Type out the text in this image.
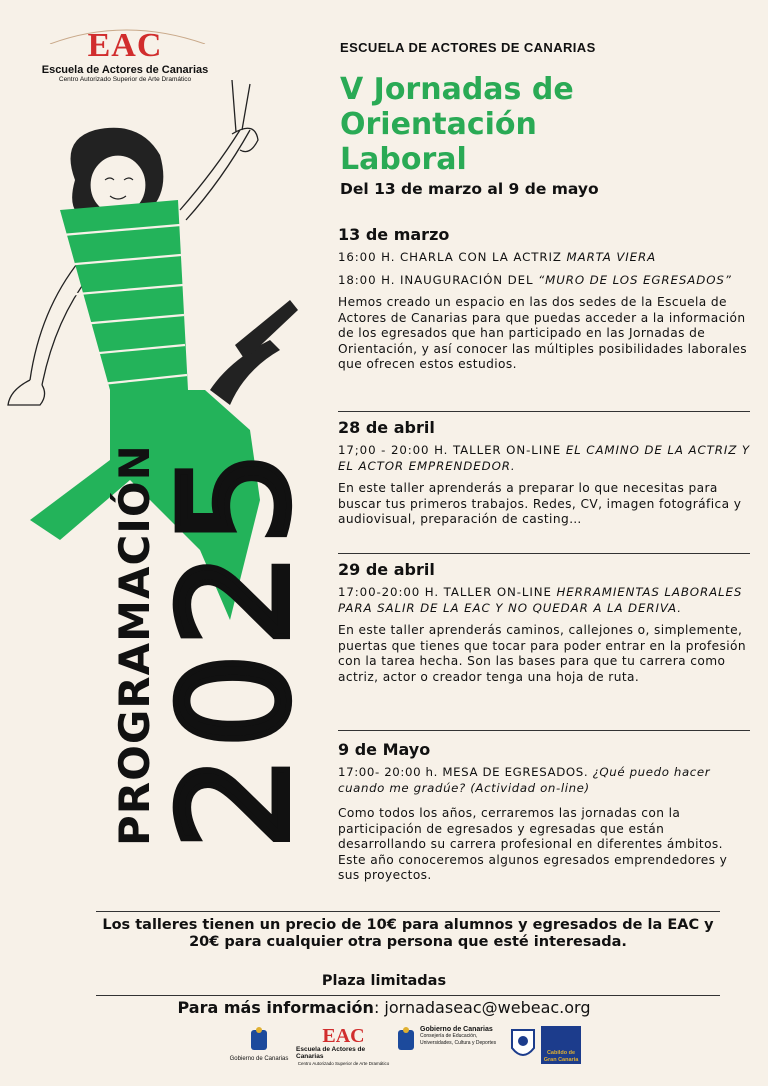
EAC
Escuela de Actores de Canarias
Centro Autorizado Superior de Arte Dramático
PROGRAMACIÓN
2025
ESCUELA DE ACTORES DE CANARIAS
V Jornadas de
Orientación
Laboral
Del 13 de marzo al 9 de mayo
13 de marzo

16:00 H. CHARLA CON LA ACTRIZ MARTA VIERA

18:00 H. INAUGURACIÓN DEL “MURO DE LOS EGRESADOS”

Hemos creado un espacio en las dos sedes de la Escuela de Actores de Canarias para que puedas acceder a la información de los egresados que han participado en las Jornadas de Orientación, y así conocer las múltiples posibilidades laborales que ofrecen estos estudios.

28 de abril

17;00 - 20:00 H. TALLER ON-LINE EL CAMINO DE LA ACTRIZ Y EL ACTOR EMPRENDEDOR.

En este taller aprenderás a preparar lo que necesitas para buscar tus primeros trabajos. Redes, CV, imagen fotográfica y audiovisual, preparación de casting…

29 de abril

17:00-20:00 H. TALLER ON-LINE HERRAMIENTAS LABORALES PARA SALIR DE LA EAC Y NO QUEDAR A LA DERIVA.

En este taller aprenderás caminos, callejones o, simplemente, puertas que tienes que tocar para poder entrar en la profesión con la tarea hecha. Son las bases para que tu carrera como actriz, actor o creador tenga una hoja de ruta.

9 de Mayo

17:00- 20:00 h. MESA DE EGRESADOS. ¿Qué puedo hacer cuando me gradúe? (Actividad on-line)

Como todos los años, cerraremos las jornadas con la participación de egresados y egresadas que están desarrollando su carrera profesional en diferentes ámbitos. Este año conoceremos algunos egresados emprendedores y sus proyectos.

Los talleres tienen un precio de 10€ para alumnos y egresados de la EAC y 20€ para cualquier otra persona que esté interesada.
Plaza limitadas
Para más información: jornadaseac@webeac.org
Gobierno de Canarias
EAC
Escuela de Actores de Canarias
Centro Autorizado Superior de Arte Dramático
Gobierno de Canarias
Consejería de Educación, Universidades, Cultura y Deportes
Cabildo de
Gran Canaria
